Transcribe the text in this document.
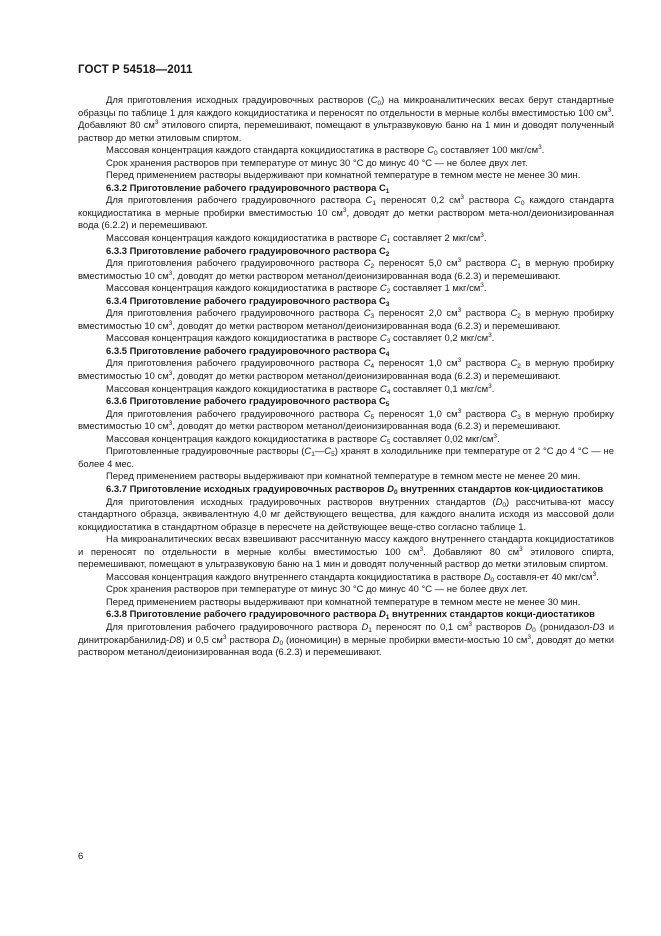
ГОСТ Р 54518—2011

Для приготовления исходных градуировочных растворов $(С_0)$ на микроаналитических весах берут стандартные образцы по таблице 1 для каждого кокцидиостатика и переносят по отдельности в мерные колбы вместимостью 100 $см^3$. Добавляют 80 $см^3$ этилового спирта, перемешивают, помещают в ультразвуковую баню на 1 мин и доводят полученный раствор до метки этиловым спиртом.

Массовая концентрация каждого стандарта кокцидиостатика в растворе $С_0$ составляет 100 мкг/$см^3$.

Срок хранения растворов при температуре от минус 30 °C до минус 40 °C — не более двух лет.

Перед применением растворы выдерживают при комнатной температуре в темном месте не менее 30 мин.

6.3.2 Приготовление рабочего градуировочного раствора $С_1$

Для приготовления рабочего градуировочного раствора $С_1$ переносят 0,2 $см^3$ раствора $С_0$ каждого стандарта кокцидиостатика в мерные пробирки вместимостью 10 $см^3$, доводят до метки раствором мета-нол/деионизированная вода (6.2.2) и перемешивают.

Массовая концентрация каждого кокцидиостатика в растворе $С_1$ составляет 2 мкг/$см^3$.

6.3.3 Приготовление рабочего градуировочного раствора $С_2$

Для приготовления рабочего градуировочного раствора $С_2$ переносят 5,0 $см^3$ раствора $С_1$ в мерную пробирку вместимостью 10 $см^3$, доводят до метки раствором метанол/деионизированная вода (6.2.3) и перемешивают.

Массовая концентрация каждого кокцидиостатика в растворе $С_2$ составляет 1 мкг/$см^3$.

6.3.4 Приготовление рабочего градуировочного раствора $С_3$

Для приготовления рабочего градуировочного раствора $С_3$ переносят 2,0 $см^3$ раствора $С_2$ в мерную пробирку вместимостью 10 $см^3$, доводят до метки раствором метанол/деионизированная вода (6.2.3) и перемешивают.

Массовая концентрация каждого кокцидиостатика в растворе $С_3$ составляет 0,2 мкг/$см^3$.

6.3.5 Приготовление рабочего градуировочного раствора $С_4$

Для приготовления рабочего градуировочного раствора $С_4$ переносят 1,0 $см^3$ раствора $С_2$ в мерную пробирку вместимостью 10 $см^3$, доводят до метки раствором метанол/деионизированная вода (6.2.3) и перемешивают.

Массовая концентрация каждого кокцидиостатика в растворе $С_4$ составляет 0,1 мкг/$см^3$.

6.3.6 Приготовление рабочего градуировочного раствора $С_5$

Для приготовления рабочего градуировочного раствора $С_5$ переносят 1,0 $см^3$ раствора $С_3$ в мерную пробирку вместимостью 10 $см^3$, доводят до метки раствором метанол/деионизированная вода (6.2.3) и перемешивают.

Массовая концентрация каждого кокцидиостатика в растворе $С_5$ составляет 0,02 мкг/$см^3$.

Приготовленные градуировочные растворы $(С_1—С_5)$ хранят в холодильнике при температуре от 2 °C до 4 °C — не более 4 мес.

Перед применением растворы выдерживают при комнатной температуре в темном месте не менее 20 мин.

6.3.7 Приготовление исходных градуировочных растворов $D_0$ внутренних стандартов кок-цидиостатиков

Для приготовления исходных градуировочных растворов внутренних стандартов $(D_0)$ рассчитыва-ют массу стандартного образца, эквивалентную 4,0 мг действующего вещества, для каждого аналита исходя из массовой доли кокцидиостатика в стандартном образце в пересчете на действующее веще-ство согласно таблице 1.

На микроаналитических весах взвешивают рассчитанную массу каждого внутреннего стандарта кокцидиостатиков и переносят по отдельности в мерные колбы вместимостью 100 $см^3$. Добавляют 80 $см^3$ этилового спирта, перемешивают, помещают в ультразвуковую баню на 1 мин и доводят полученный раствор до метки этиловым спиртом.

Массовая концентрация каждого внутреннего стандарта кокцидиостатика в растворе $D_0$ составля-ет 40 мкг/$см^3$.

Срок хранения растворов при температуре от минус 30 °C до минус 40 °C — не более двух лет.

Перед применением растворы выдерживают при комнатной температуре в темном месте не менее 30 мин.

6.3.8 Приготовление рабочего градуировочного раствора $D_1$ внутренних стандартов кокци-диостатиков

Для приготовления рабочего градуировочного раствора $D_1$ переносят по 0,1 $см^3$ растворов $D_0$ (ронидазол-D3 и динитрокарбанилид-D8) и 0,5 $см^3$ раствора $D_0$ (иономицин) в мерные пробирки вмести-мостью 10 $см^3$, доводят до метки раствором метанол/деионизированная вода (6.2.3) и перемешивают.

6
